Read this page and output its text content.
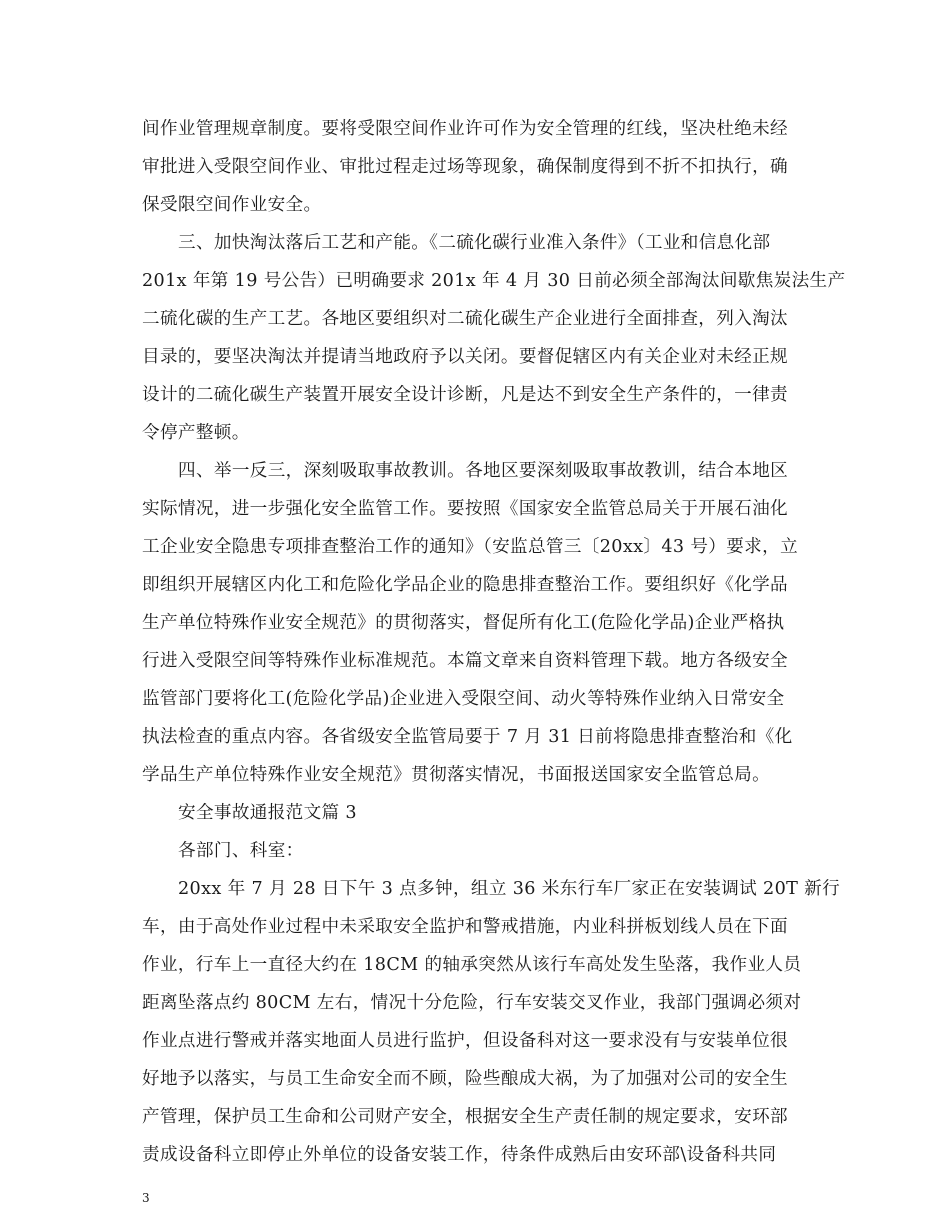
间作业管理规章制度。要将受限空间作业许可作为安全管理的红线，坚决杜绝未经
审批进入受限空间作业、审批过程走过场等现象，确保制度得到不折不扣执行，确
保受限空间作业安全。
三、加快淘汰落后工艺和产能。《二硫化碳行业准入条件》（工业和信息化部
201x 年第 19 号公告）已明确要求 201x 年 4 月 30 日前必须全部淘汰间歇焦炭法生产
二硫化碳的生产工艺。各地区要组织对二硫化碳生产企业进行全面排查，列入淘汰
目录的，要坚决淘汰并提请当地政府予以关闭。要督促辖区内有关企业对未经正规
设计的二硫化碳生产装置开展安全设计诊断，凡是达不到安全生产条件的，一律责
令停产整顿。
四、举一反三，深刻吸取事故教训。各地区要深刻吸取事故教训，结合本地区
实际情况，进一步强化安全监管工作。要按照《国家安全监管总局关于开展石油化
工企业安全隐患专项排查整治工作的通知》（安监总管三〔20xx〕43 号）要求，立
即组织开展辖区内化工和危险化学品企业的隐患排查整治工作。要组织好《化学品
生产单位特殊作业安全规范》的贯彻落实，督促所有化工(危险化学品)企业严格执
行进入受限空间等特殊作业标准规范。本篇文章来自资料管理下载。地方各级安全
监管部门要将化工(危险化学品)企业进入受限空间、动火等特殊作业纳入日常安全
执法检查的重点内容。各省级安全监管局要于 7 月 31 日前将隐患排查整治和《化
学品生产单位特殊作业安全规范》贯彻落实情况，书面报送国家安全监管总局。
安全事故通报范文篇 3
各部门、科室：
20xx 年 7 月 28 日下午 3 点多钟，组立 36 米东行车厂家正在安装调试 20T 新行
车，由于高处作业过程中未采取安全监护和警戒措施，内业科拼板划线人员在下面
作业，行车上一直径大约在 18CM 的轴承突然从该行车高处发生坠落，我作业人员
距离坠落点约 80CM 左右，情况十分危险，行车安装交叉作业，我部门强调必须对
作业点进行警戒并落实地面人员进行监护，但设备科对这一要求没有与安装单位很
好地予以落实，与员工生命安全而不顾，险些酿成大祸，为了加强对公司的安全生
产管理，保护员工生命和公司财产安全，根据安全生产责任制的规定要求，安环部
责成设备科立即停止外单位的设备安装工作，待条件成熟后由安环部\设备科共同
3
